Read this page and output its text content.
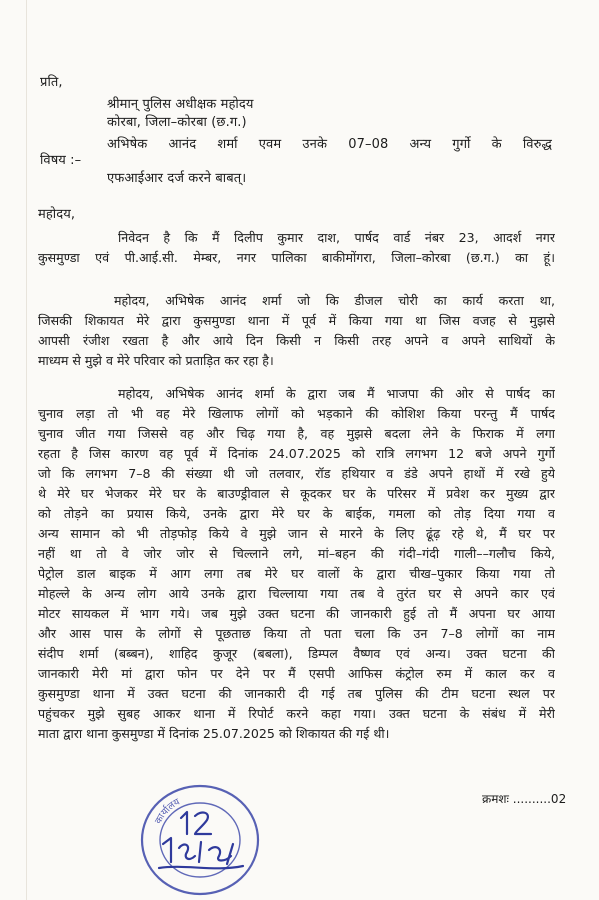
प्रति,
श्रीमान् पुलिस अधीक्षक महोदय
कोरबा, जिला–कोरबा (छ.ग.)
विषय :–
अभिषेक आनंद शर्मा एवम उनके 07–08 अन्य गुर्गो के विरुद्ध
एफआईआर दर्ज करने बाबत्।
महोदय,
निवेदन है कि मैं दिलीप कुमार दाश, पार्षद वार्ड नंबर 23, आदर्श नगर
कुसमुण्डा एवं पी.आई.सी. मेम्बर, नगर पालिका बाकीमोंगरा, जिला–कोरबा (छ.ग.) का हूं।
महोदय, अभिषेक आनंद शर्मा जो कि डीजल चोरी का कार्य करता था,
जिसकी शिकायत मेरे द्वारा कुसमुण्डा थाना में पूर्व में किया गया था जिस वजह से मुझसे
आपसी रंजीश रखता है और आये दिन किसी न किसी तरह अपने व अपने साथियों के
माध्यम से मुझे व मेरे परिवार को प्रताड़ित कर रहा है।
महोदय, अभिषेक आनंद शर्मा के द्वारा जब मैं भाजपा की ओर से पार्षद का
चुनाव लड़ा तो भी वह मेरे खिलाफ लोगों को भड़काने की कोशिश किया परन्तु मैं पार्षद
चुनाव जीत गया जिससे वह और चिढ़ गया है, वह मुझसे बदला लेने के फिराक में लगा
रहता है जिस कारण वह पूर्व में दिनांक 24.07.2025 को रात्रि लगभग 12 बजे अपने गुर्गो
जो कि लगभग 7–8 की संख्या थी जो तलवार, रॉड हथियार व डंडे अपने हाथों में रखे हुये
थे मेरे घर भेजकर मेरे घर के बाउण्ड्रीवाल से कूदकर घर के परिसर में प्रवेश कर मुख्य द्वार
को तोड़ने का प्रयास किये, उनके द्वारा मेरे घर के बाईक, गमला को तोड़ दिया गया व
अन्य सामान को भी तोड़फोड़ किये वे मुझे जान से मारने के लिए ढूंढ़ रहे थे, मैं घर पर
नहीं था तो वे जोर जोर से चिल्लाने लगे, मां–बहन की गंदी–गंदी गाली––गलौच किये,
पेट्रोल डाल बाइक में आग लगा तब मेरे घर वालों के द्वारा चीख–पुकार किया गया तो
मोहल्ले के अन्य लोग आये उनके द्वारा चिल्लाया गया तब वे तुरंत घर से अपने कार एवं
मोटर सायकल में भाग गये। जब मुझे उक्त घटना की जानकारी हुई तो मैं अपना घर आया
और आस पास के लोगों से पूछताछ किया तो पता चला कि उन 7–8 लोगों का नाम
संदीप शर्मा (बब्बन), शाहिद कुजूर (बबला), डिम्पल वैष्णव एवं अन्य। उक्त घटना की
जानकारी मेरी मां द्वारा फोन पर देने पर मैं एसपी आफिस कंट्रोल रुम में काल कर व
कुसमुण्डा थाना में उक्त घटना की जानकारी दी गई तब पुलिस की टीम घटना स्थल पर
पहुंचकर मुझे सुबह आकर थाना में रिपोर्ट करने कहा गया। उक्त घटना के संबंध में मेरी
माता द्वारा थाना कुसमुण्डा में दिनांक 25.07.2025 को शिकायत की गई थी।
क्रमशः ..........02
कार्यालय
